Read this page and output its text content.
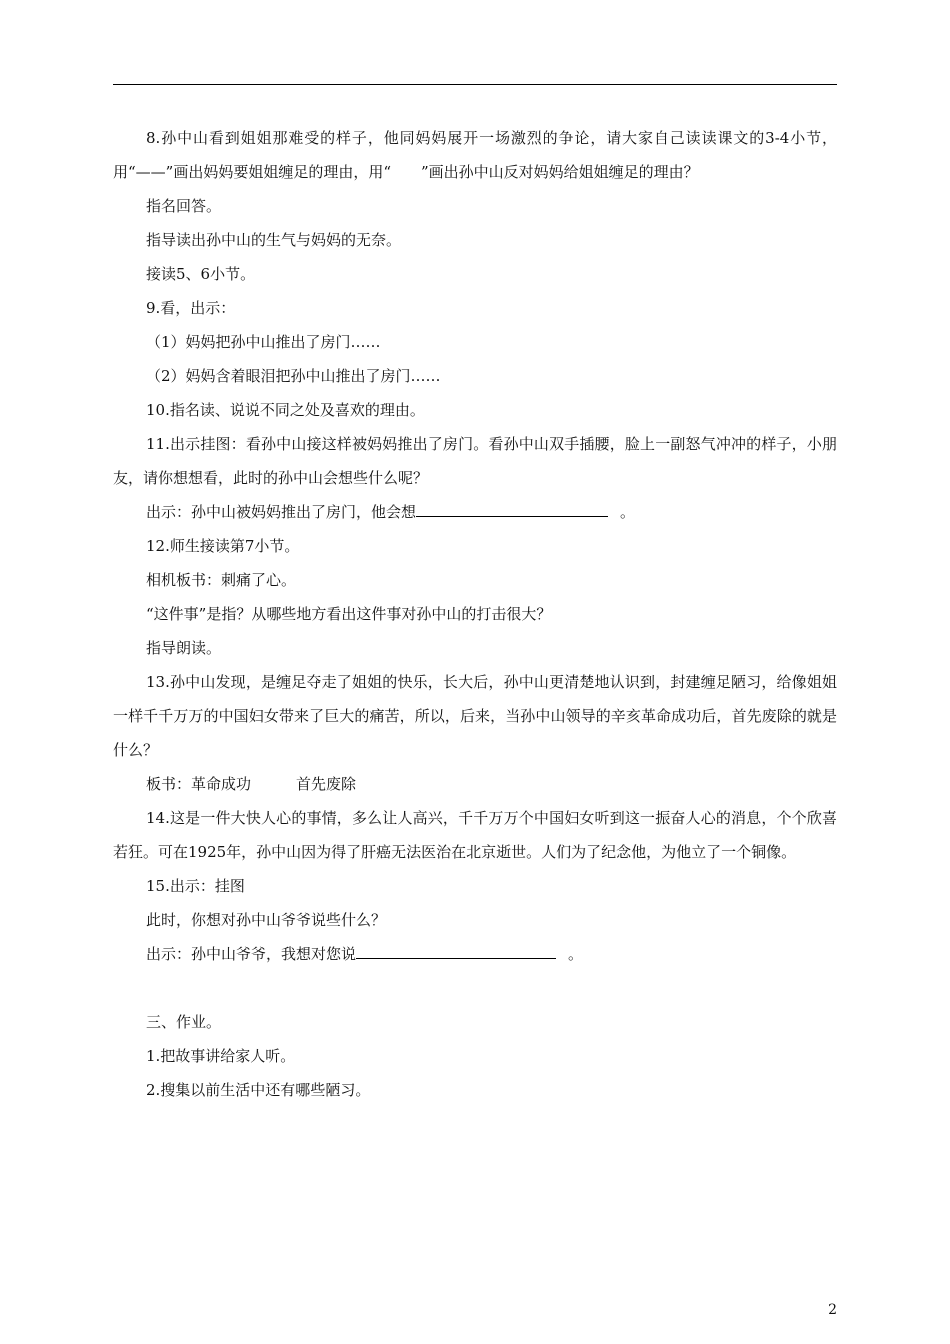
8.孙中山看到姐姐那难受的样子，他同妈妈展开一场激烈的争论，请大家自己读读课文的3-4小节，用“——”画出妈妈要姐姐缠足的理由，用“　　”画出孙中山反对妈妈给姐姐缠足的理由？

指名回答。

指导读出孙中山的生气与妈妈的无奈。

接读5、6小节。

9.看，出示：

（1）妈妈把孙中山推出了房门……

（2）妈妈含着眼泪把孙中山推出了房门……

10.指名读、说说不同之处及喜欢的理由。

11.出示挂图：看孙中山接这样被妈妈推出了房门。看孙中山双手插腰，脸上一副怒气冲冲的样子，小朋友，请你想想看，此时的孙中山会想些什么呢？

出示：孙中山被妈妈推出了房门，他会想	。

12.师生接读第7小节。

相机板书：刺痛了心。

“这件事”是指？从哪些地方看出这件事对孙中山的打击很大？

指导朗读。

13.孙中山发现，是缠足夺走了姐姐的快乐，长大后，孙中山更清楚地认识到，封建缠足陋习，给像姐姐一样千千万万的中国妇女带来了巨大的痛苦，所以，后来，当孙中山领导的辛亥革命成功后，首先废除的就是什么？

板书：革命成功　　　首先废除

14.这是一件大快人心的事情，多么让人高兴，千千万万个中国妇女听到这一振奋人心的消息，个个欣喜若狂。可在1925年，孙中山因为得了肝癌无法医治在北京逝世。人们为了纪念他，为他立了一个铜像。

15.出示：挂图

此时，你想对孙中山爷爷说些什么？

出示：孙中山爷爷，我想对您说	。

三、作业。

1.把故事讲给家人听。

2.搜集以前生活中还有哪些陋习。

2
